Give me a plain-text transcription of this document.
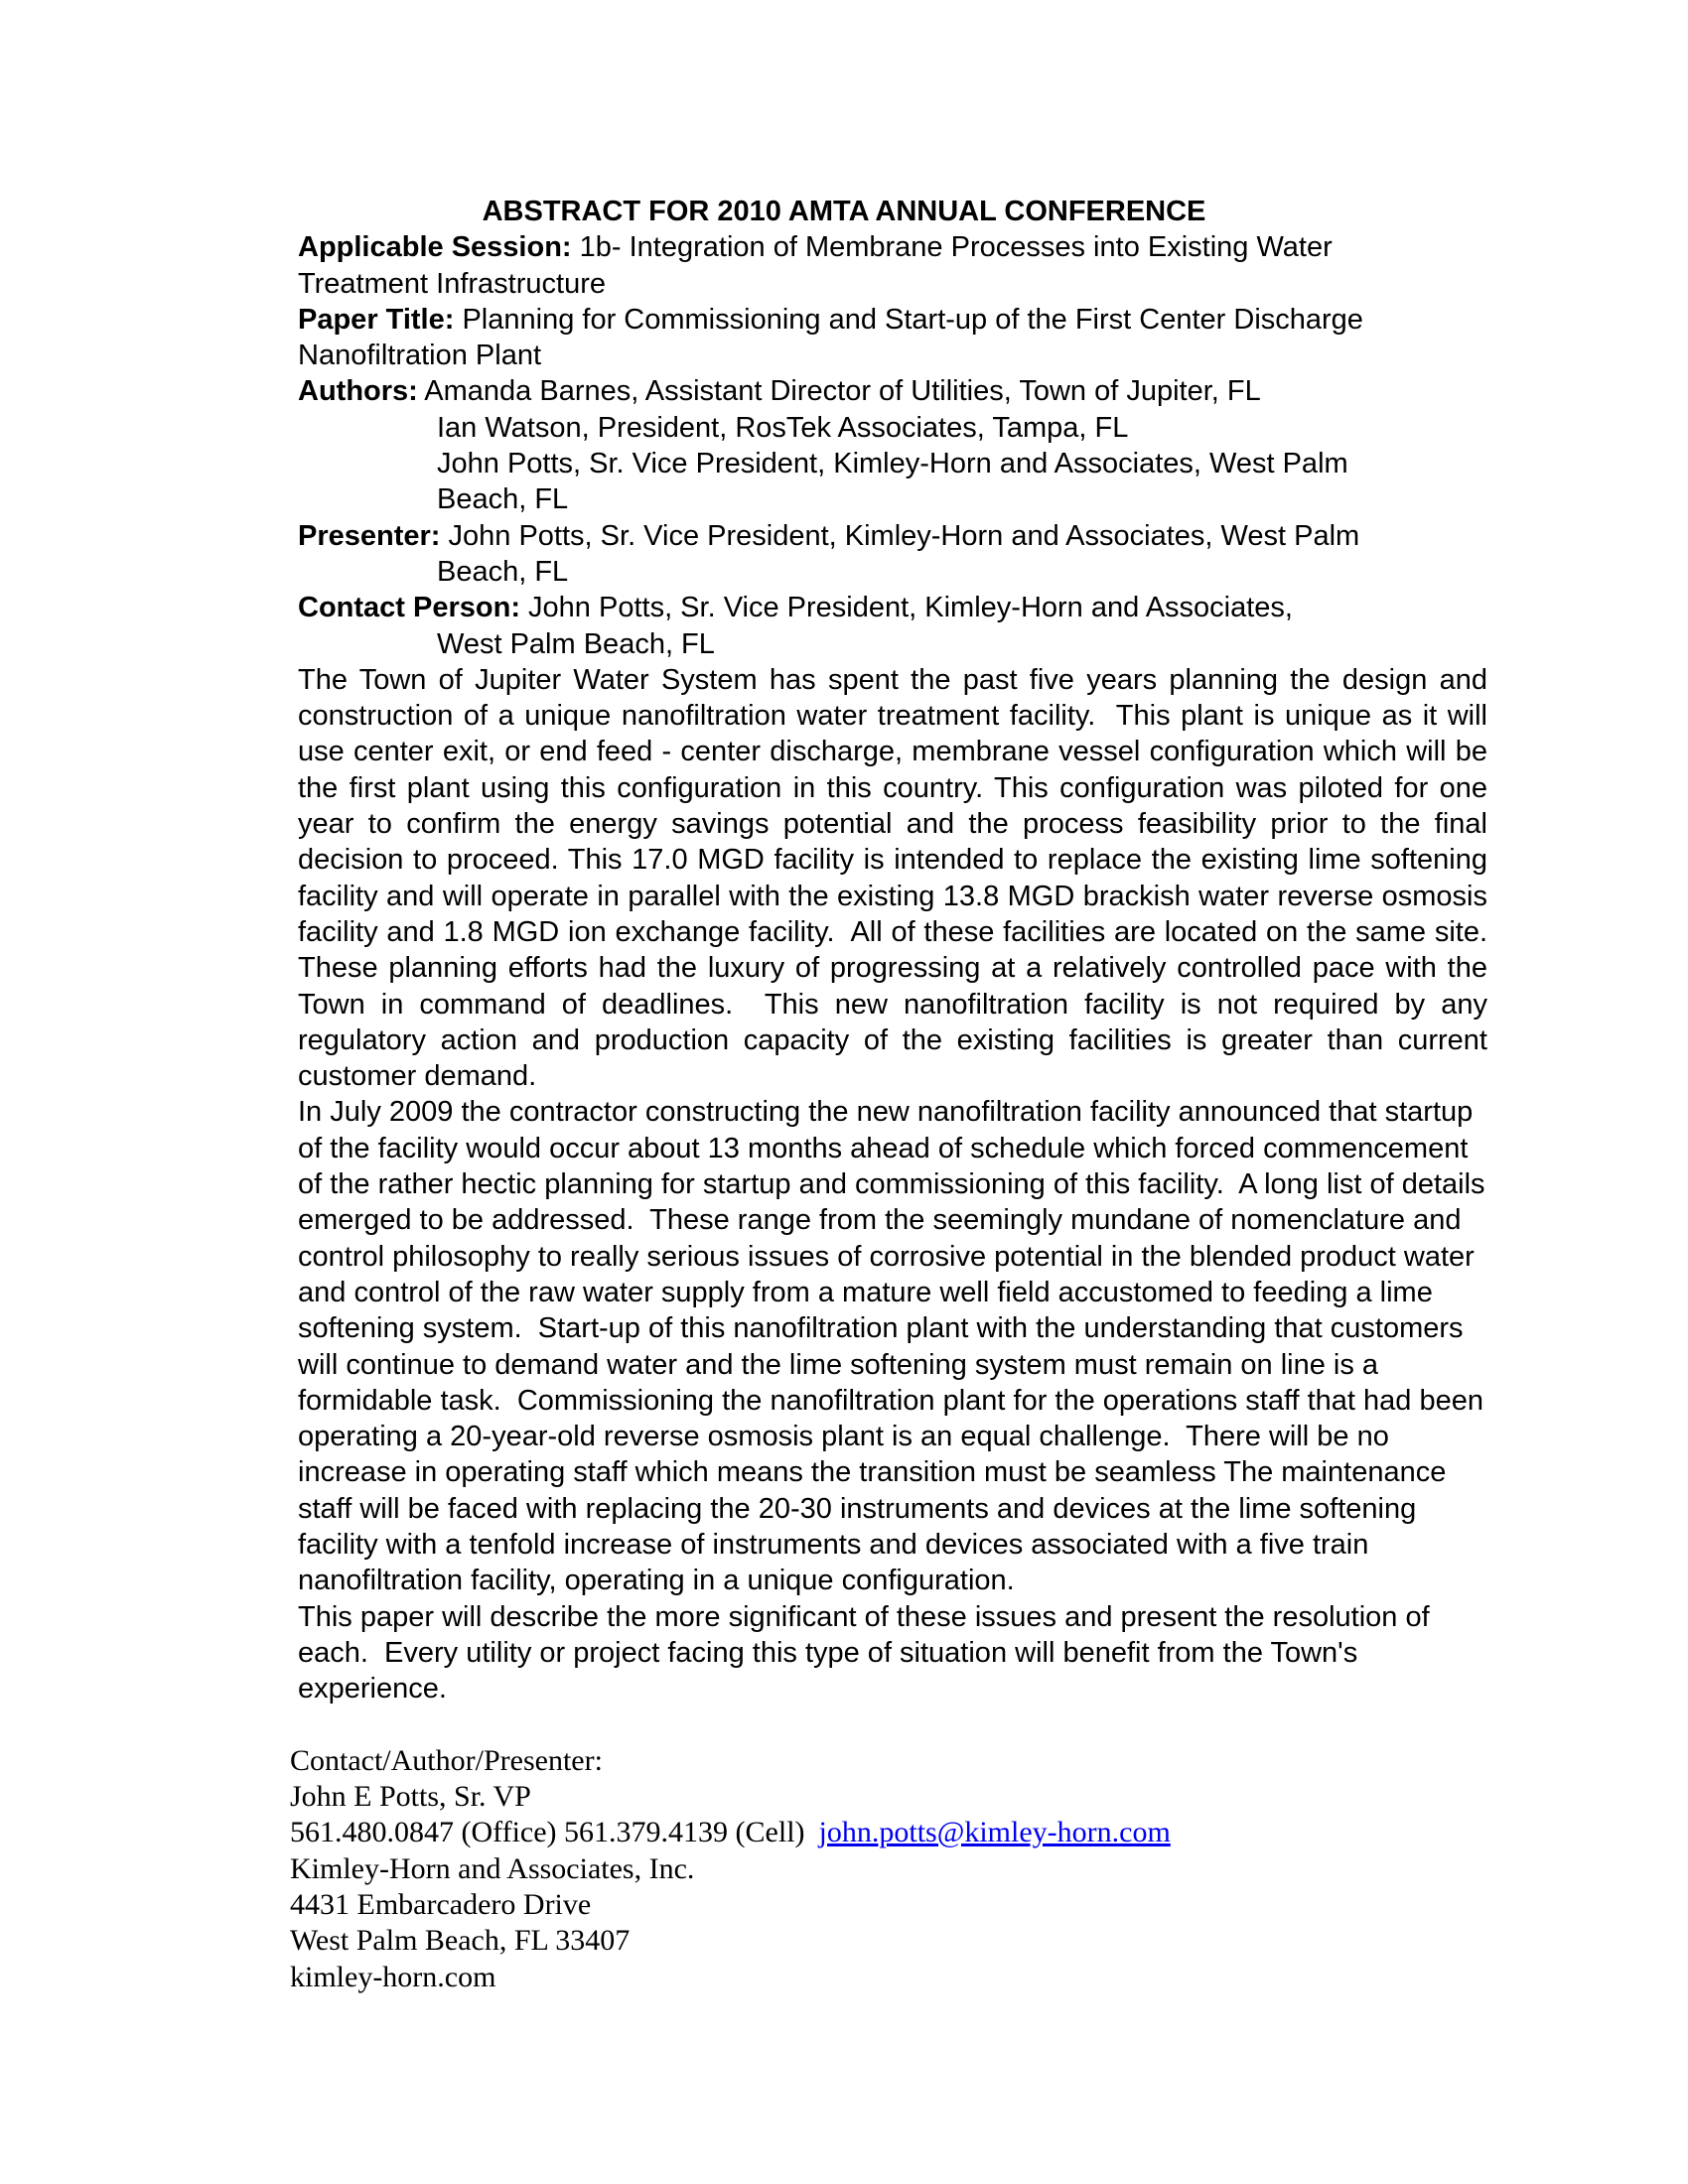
ABSTRACT FOR 2010 AMTA ANNUAL CONFERENCE
Applicable Session: 1b- Integration of Membrane Processes into Existing Water
Treatment Infrastructure
Paper Title: Planning for Commissioning and Start-up of the First Center Discharge
Nanofiltration Plant
Authors: Amanda Barnes, Assistant Director of Utilities, Town of Jupiter, FL
Ian Watson, President, RosTek Associates, Tampa, FL
John Potts, Sr. Vice President, Kimley-Horn and Associates, West Palm
Beach, FL
Presenter: John Potts, Sr. Vice President, Kimley-Horn and Associates, West Palm
Beach, FL
Contact Person: John Potts, Sr. Vice President, Kimley-Horn and Associates,
West Palm Beach, FL
The Town of Jupiter Water System has spent the past five years planning the design and construction of a unique nanofiltration water treatment facility.  This plant is unique as it will use center exit, or end feed - center discharge, membrane vessel configuration which will be the first plant using this configuration in this country. This configuration was piloted for one year to confirm the energy savings potential and the process feasibility prior to the final decision to proceed. This 17.0 MGD facility is intended to replace the existing lime softening facility and will operate in parallel with the existing 13.8 MGD brackish water reverse osmosis facility and 1.8 MGD ion exchange facility.  All of these facilities are located on the same site.   These planning efforts had the luxury of progressing at a relatively controlled pace with the Town in command of deadlines.  This new nanofiltration facility is not required by any regulatory action and production capacity of the existing facilities is greater than current customer demand.
In July 2009 the contractor constructing the new nanofiltration facility announced that startup of the facility would occur about 13 months ahead of schedule which forced commencement of the rather hectic planning for startup and commissioning of this facility.  A long list of details emerged to be addressed.  These range from the seemingly mundane of nomenclature and control philosophy to really serious issues of corrosive potential in the blended product water and control of the raw water supply from a mature well field accustomed to feeding a lime softening system.  Start-up of this nanofiltration plant with the understanding that customers will continue to demand water and the lime softening system must remain on line is a formidable task.  Commissioning the nanofiltration plant for the operations staff that had been operating a 20-year-old reverse osmosis plant is an equal challenge.  There will be no increase in operating staff which means the transition must be seamless The maintenance staff will be faced with replacing the 20-30 instruments and devices at the lime softening facility with a tenfold increase of instruments and devices associated with a five train nanofiltration facility, operating in a unique configuration.
This paper will describe the more significant of these issues and present the resolution of each.  Every utility or project facing this type of situation will benefit from the Town's experience.
Contact/Author/Presenter:
John E Potts, Sr. VP
561.480.0847 (Office) 561.379.4139 (Cell) john.potts@kimley-horn.com
Kimley-Horn and Associates, Inc.
4431 Embarcadero Drive
West Palm Beach, FL 33407
kimley-horn.com
